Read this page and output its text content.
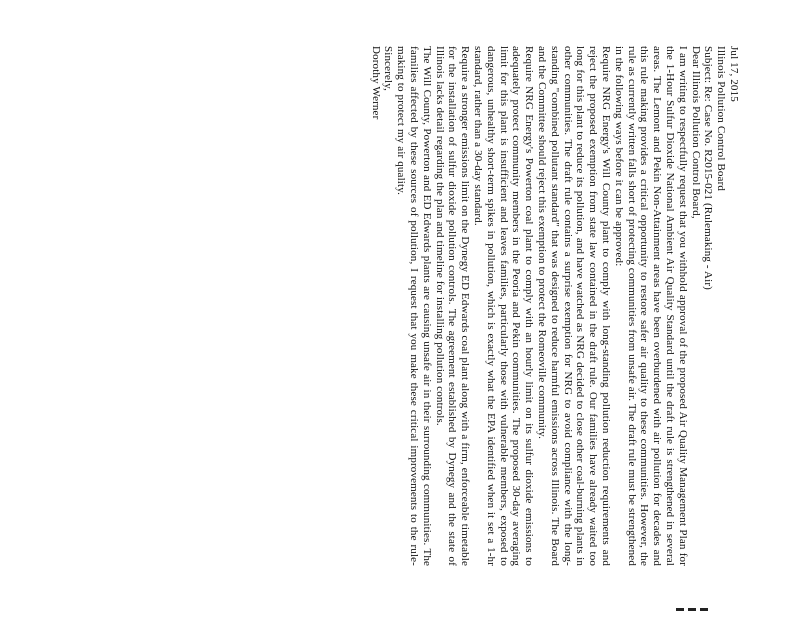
Jul 17, 2015

Illinois Pollution Control Board

Subject: Re: Case No. R2015-021 (Rulemaking - Air)

Dear Illinois Pollution Control Board,

I am writing to respectfully request that you withhold approval of the proposed Air Quality Management Plan for the 1-Hour Sulfur Dioxide National Ambient Air Quality Standard until the draft rule is strengthened in several areas. The Lemont and Pekin Non-Attainment areas have been overburdened with air pollution for decades and this rule making provides a critical opportunity to restore safer air quality to these communities. However, the rule as currently written falls short of protecting communities from unsafe air. The draft rule must be strengthened in the following ways before it can be approved:

Require NRG Energy's Will County plant to comply with long-standing pollution reduction requirements and reject the proposed exemption from state law contained in the draft rule. Our families have already waited too long for this plant to reduce its pollution, and have watched as NRG decided to close other coal-burning plants in other communities. The draft rule contains a surprise exemption for NRG to avoid compliance with the long-standing "combined pollutant standard" that was designed to reduce harmful emissions across Illinois. The Board and the Committee should reject this exemption to protect the Romeoville community.

Require NRG Energy's Powerton coal plant to comply with an hourly limit on its sulfur dioxide emissions to adequately protect community members in the Peoria and Pekin communities. The proposed 30-day averaging limit for this plant is insufficient and leaves families, particularly those with vulnerable members, exposed to dangerous, unhealthy short-term spikes in pollution, which is exactly what the EPA identified when it set a 1-hr standard, rather than a 30-day standard.

Require a stronger emissions limit on the Dynegy ED Edwards coal plant along with a firm, enforceable timetable for the installation of sulfur dioxide pollution controls. The agreement established by Dynegy and the state of Illinois lacks detail regarding the plan and timeline for installing pollution controls.

The Will County, Powerton and ED Edwards plants are causing unsafe air in their surrounding communities. The families affected by these sources of pollution, I request that you make these critical improvements to the rule-making to protect my air quality.

Sincerely,

Dorothy Werner
